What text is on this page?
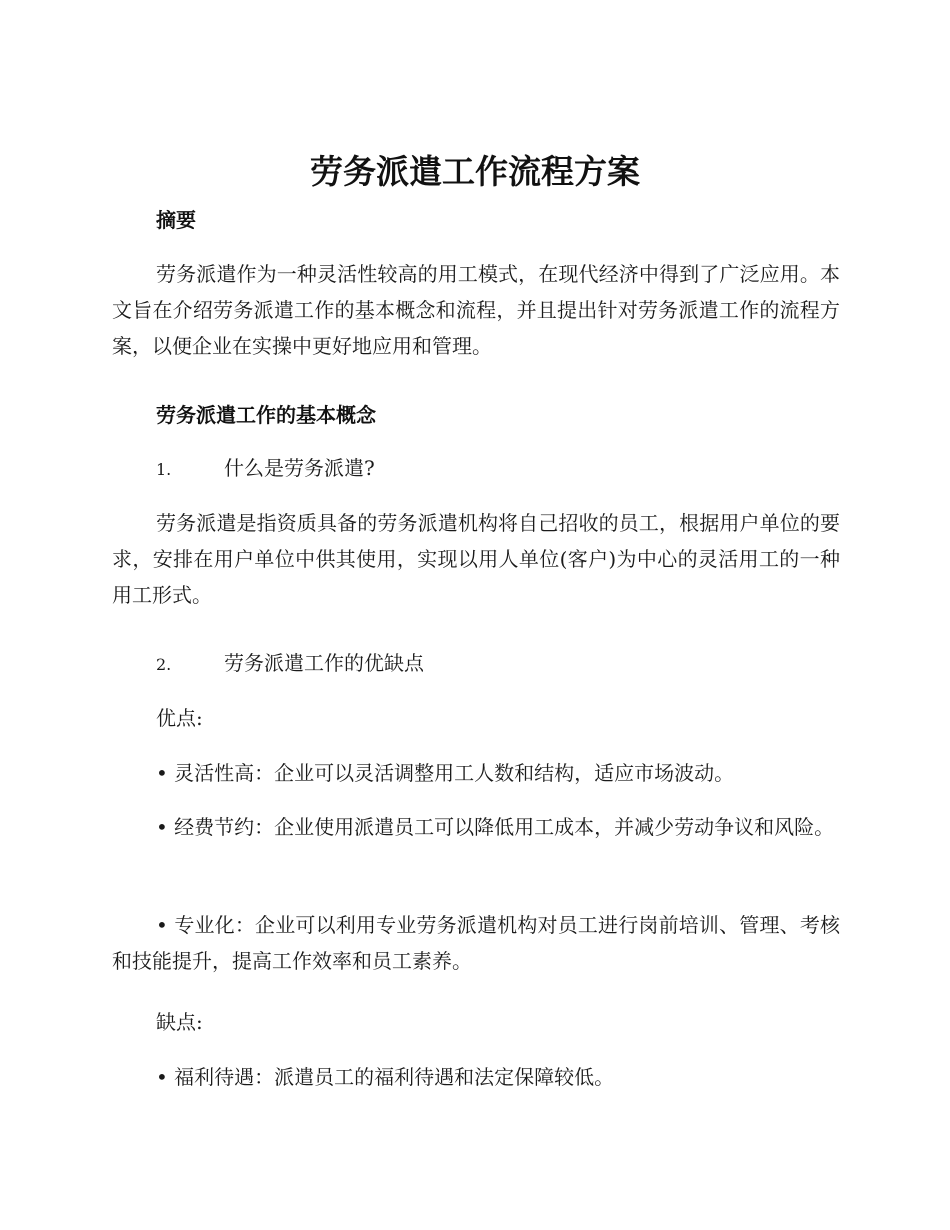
劳务派遣工作流程方案

摘要

劳务派遣作为一种灵活性较高的用工模式，在现代经济中得到了广泛应用。本文旨在介绍劳务派遣工作的基本概念和流程，并且提出针对劳务派遣工作的流程方案，以便企业在实操中更好地应用和管理。

劳务派遣工作的基本概念

1.	什么是劳务派遣?

劳务派遣是指资质具备的劳务派遣机构将自己招收的员工，根据用户单位的要求，安排在用户单位中供其使用，实现以用人单位(客户)为中心的灵活用工的一种用工形式。

2.	劳务派遣工作的优缺点

优点:

• 灵活性高：企业可以灵活调整用工人数和结构，适应市场波动。

• 经费节约：企业使用派遣员工可以降低用工成本，并减少劳动争议和风险。

• 专业化：企业可以利用专业劳务派遣机构对员工进行岗前培训、管理、考核和技能提升，提高工作效率和员工素养。

缺点:

• 福利待遇：派遣员工的福利待遇和法定保障较低。
